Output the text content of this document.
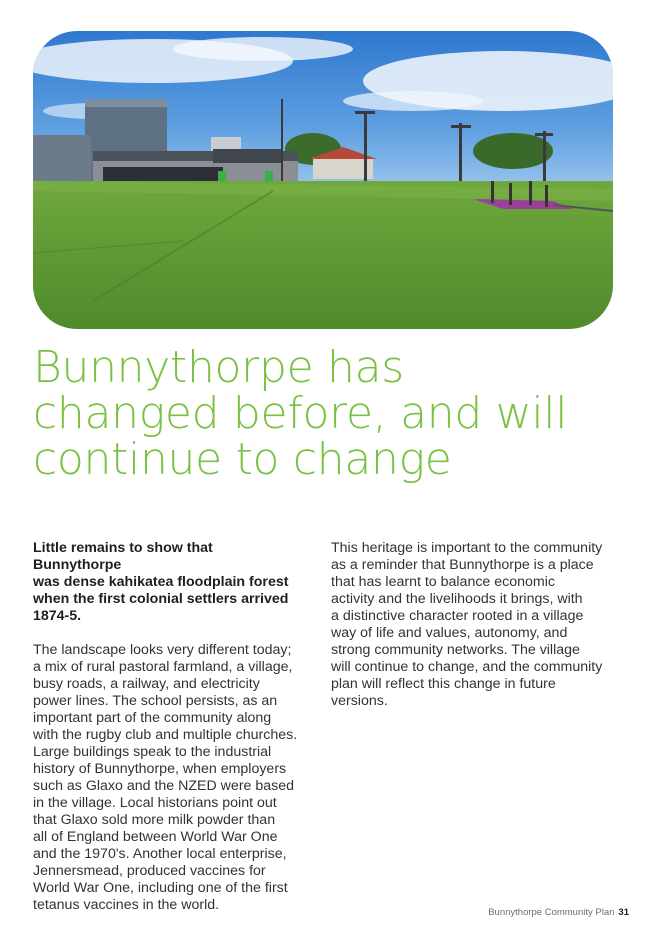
Bunnythorpe has
changed before, and will
continue to change

Little remains to show that Bunnythorpe
was dense kahikatea floodplain forest
when the first colonial settlers arrived
1874-5.

The landscape looks very different today;
a mix of rural pastoral farmland, a village,
busy roads, a railway, and electricity
power lines. The school persists, as an
important part of the community along
with the rugby club and multiple churches.
Large buildings speak to the industrial
history of Bunnythorpe, when employers
such as Glaxo and the NZED were based
in the village. Local historians point out
that Glaxo sold more milk powder than
all of England between World War One
and the 1970's. Another local enterprise,
Jennersmead, produced vaccines for
World War One, including one of the first
tetanus vaccines in the world.

This heritage is important to the community
as a reminder that Bunnythorpe is a place
that has learnt to balance economic
activity and the livelihoods it brings, with
a distinctive character rooted in a village
way of life and values, autonomy, and
strong community networks. The village
will continue to change, and the community
plan will reflect this change in future
versions.

Bunnythorpe Community Plan 31
